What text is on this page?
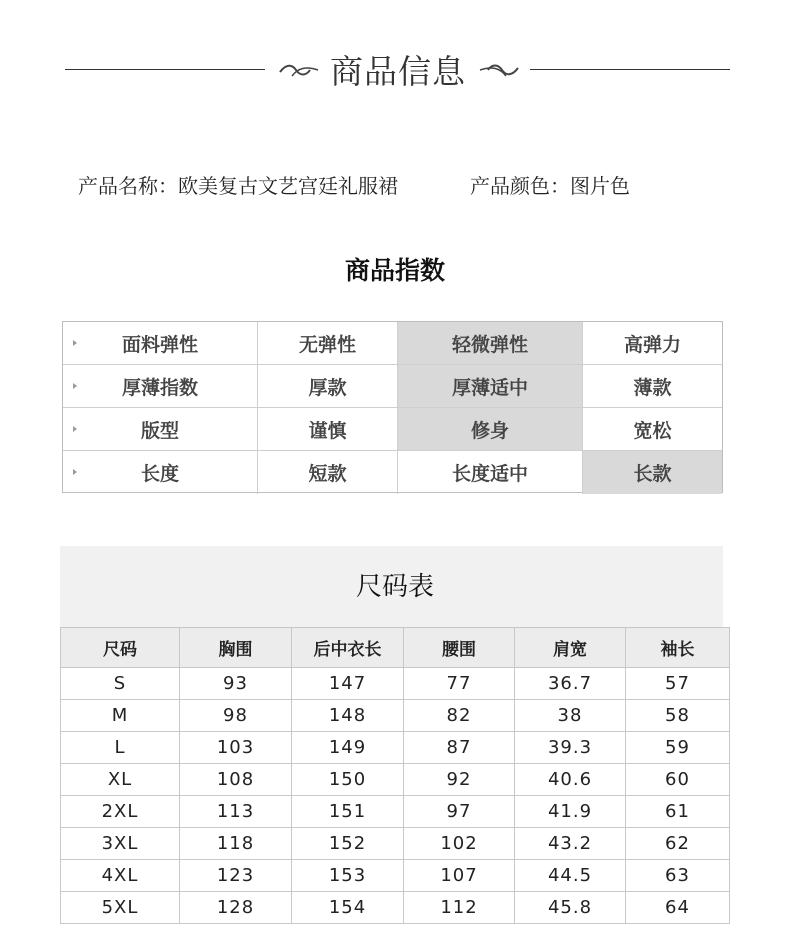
商品信息
产品名称：欧美复古文艺宫廷礼服裙	产品颜色：图片色
商品指数
面料弹性	无弹性	轻微弹性	高弹力
厚薄指数	厚款	厚薄适中	薄款
版型	谨慎	修身	宽松
长度	短款	长度适中	长款
尺码表
尺码	胸围	后中衣长	腰围	肩宽	袖长
S	93	147	77	36.7	57
M	98	148	82	38	58
L	103	149	87	39.3	59
XL	108	150	92	40.6	60
2XL	113	151	97	41.9	61
3XL	118	152	102	43.2	62
4XL	123	153	107	44.5	63
5XL	128	154	112	45.8	64
